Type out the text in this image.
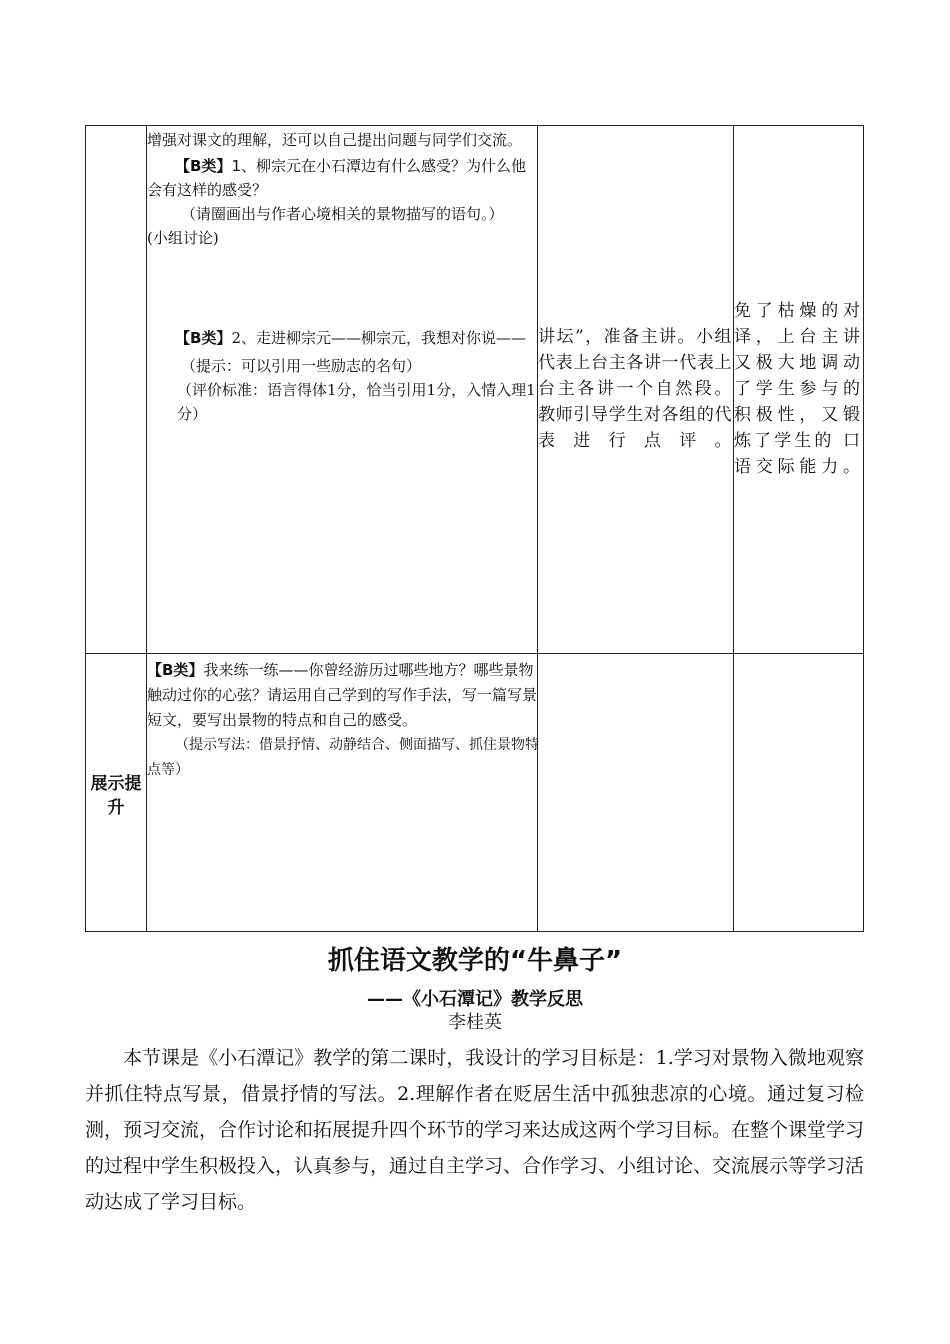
增强对课文的理解，还可以自己提出问题与同学们交流。

【B类】1、柳宗元在小石潭边有什么感受？为什么他会有这样的感受？

（请圈画出与作者心境相关的景物描写的语句。）

(小组讨论)

【B类】2、走进柳宗元——柳宗元，我想对你说——

（提示：可以引用一些励志的名句）

（评价标准：语言得体1分，恰当引用1分，入情入理1分）

讲坛”，准备主讲。小组代表上台主各讲一代表上台主各讲一个自然段。 教师引导学生对各组的代表进行点评。
免了枯燥的对译，上台主讲又极大地调动了学生参与的积极性，又锻炼了学生的 口语交际能力。
展示提升

【B类】我来练一练——你曾经游历过哪些地方？哪些景物触动过你的心弦？请运用自己学到的写作手法，写一篇写景短文，要写出景物的特点和自己的感受。

（提示写法：借景抒情、动静结合、侧面描写、抓住景物特点等）

抓住语文教学的“牛鼻子”
——《小石潭记》教学反思
李桂英

本节课是《小石潭记》教学的第二课时，我设计的学习目标是：1.学习对景物入微地观察并抓住特点写景，借景抒情的写法。2.理解作者在贬居生活中孤独悲凉的心境。通过复习检测，预习交流，合作讨论和拓展提升四个环节的学习来达成这两个学习目标。在整个课堂学习的过程中学生积极投入，认真参与，通过自主学习、合作学习、小组讨论、交流展示等学习活动达成了学习目标。
